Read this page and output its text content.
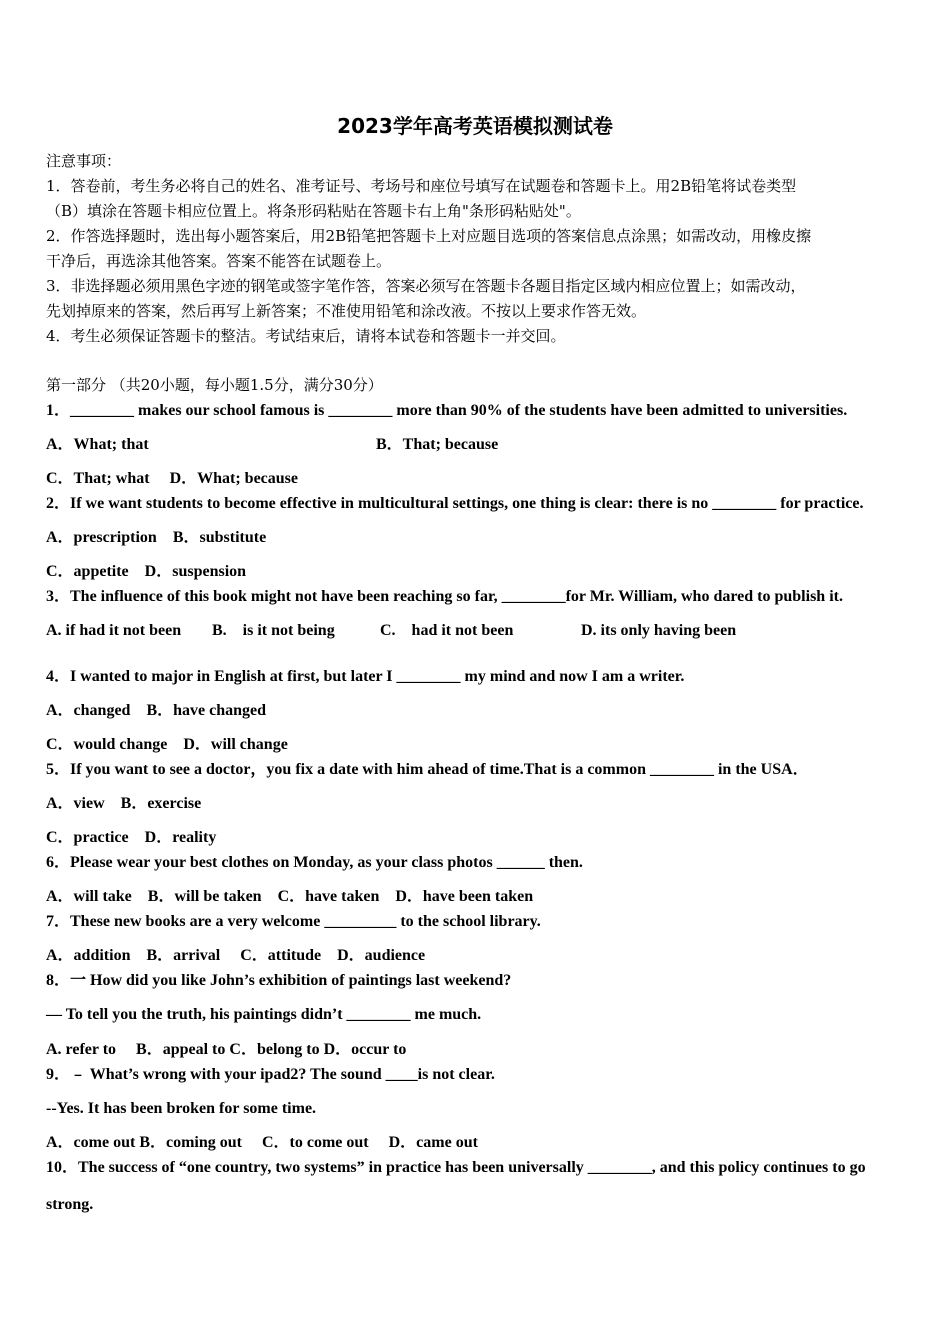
2023学年高考英语模拟测试卷
注意事项：
1．答卷前，考生务必将自己的姓名、准考证号、考场号和座位号填写在试题卷和答题卡上。用2B铅笔将试卷类型
（B）填涂在答题卡相应位置上。将条形码粘贴在答题卡右上角"条形码粘贴处"。
2．作答选择题时，选出每小题答案后，用2B铅笔把答题卡上对应题目选项的答案信息点涂黑；如需改动，用橡皮擦
干净后，再选涂其他答案。答案不能答在试题卷上。
3．非选择题必须用黑色字迹的钢笔或签字笔作答，答案必须写在答题卡各题目指定区域内相应位置上；如需改动，
先划掉原来的答案，然后再写上新答案；不准使用铅笔和涂改液。不按以上要求作答无效。
4．考生必须保证答题卡的整洁。考试结束后，请将本试卷和答题卡一并交回。
第一部分 （共20小题，每小题1.5分，满分30分）
1．________ makes our school famous is ________ more than 90% of the students have been admitted to universities.
A．What; that	B．That; because
C．That; what　 D．What; because
2．If we want students to become effective in multicultural settings, one thing is clear: there is no ________ for practice.
A．prescription　B．substitute
C．appetite　D．suspension
3．The influence of this book might not have been reaching so far, ________for Mr. William, who dared to publish it.
A. if had it not been B.　is it not being	C.　had it not been	D. its only having been
4．I wanted to major in English at first, but later I ________ my mind and now I am a writer.
A．changed　B．have changed
C．would change　D．will change
5．If you want to see a doctor，you fix a date with him ahead of time.That is a common ________ in the USA．
A．view　B．exercise
C．practice　D．reality
6．Please wear your best clothes on Monday, as your class photos ______ then.
A．will take　B．will be taken　C．have taken　D．have been taken
7．These new books are a very welcome _________ to the school library.
A．addition　B．arrival　 C．attitude　D．audience
8．一 How did you like John’s exhibition of paintings last weekend?
— To tell you the truth, his paintings didn’t ________ me much.
A. refer to　 B．appeal to C．belong to D．occur to
9．﹣ What’s wrong with your ipad2? The sound ____is not clear.
--Yes. It has been broken for some time.
A．come out B．coming out　 C．to come out　 D．came out
10．The success of “one country, two systems” in practice has been universally ________, and this policy continues to go
strong.
